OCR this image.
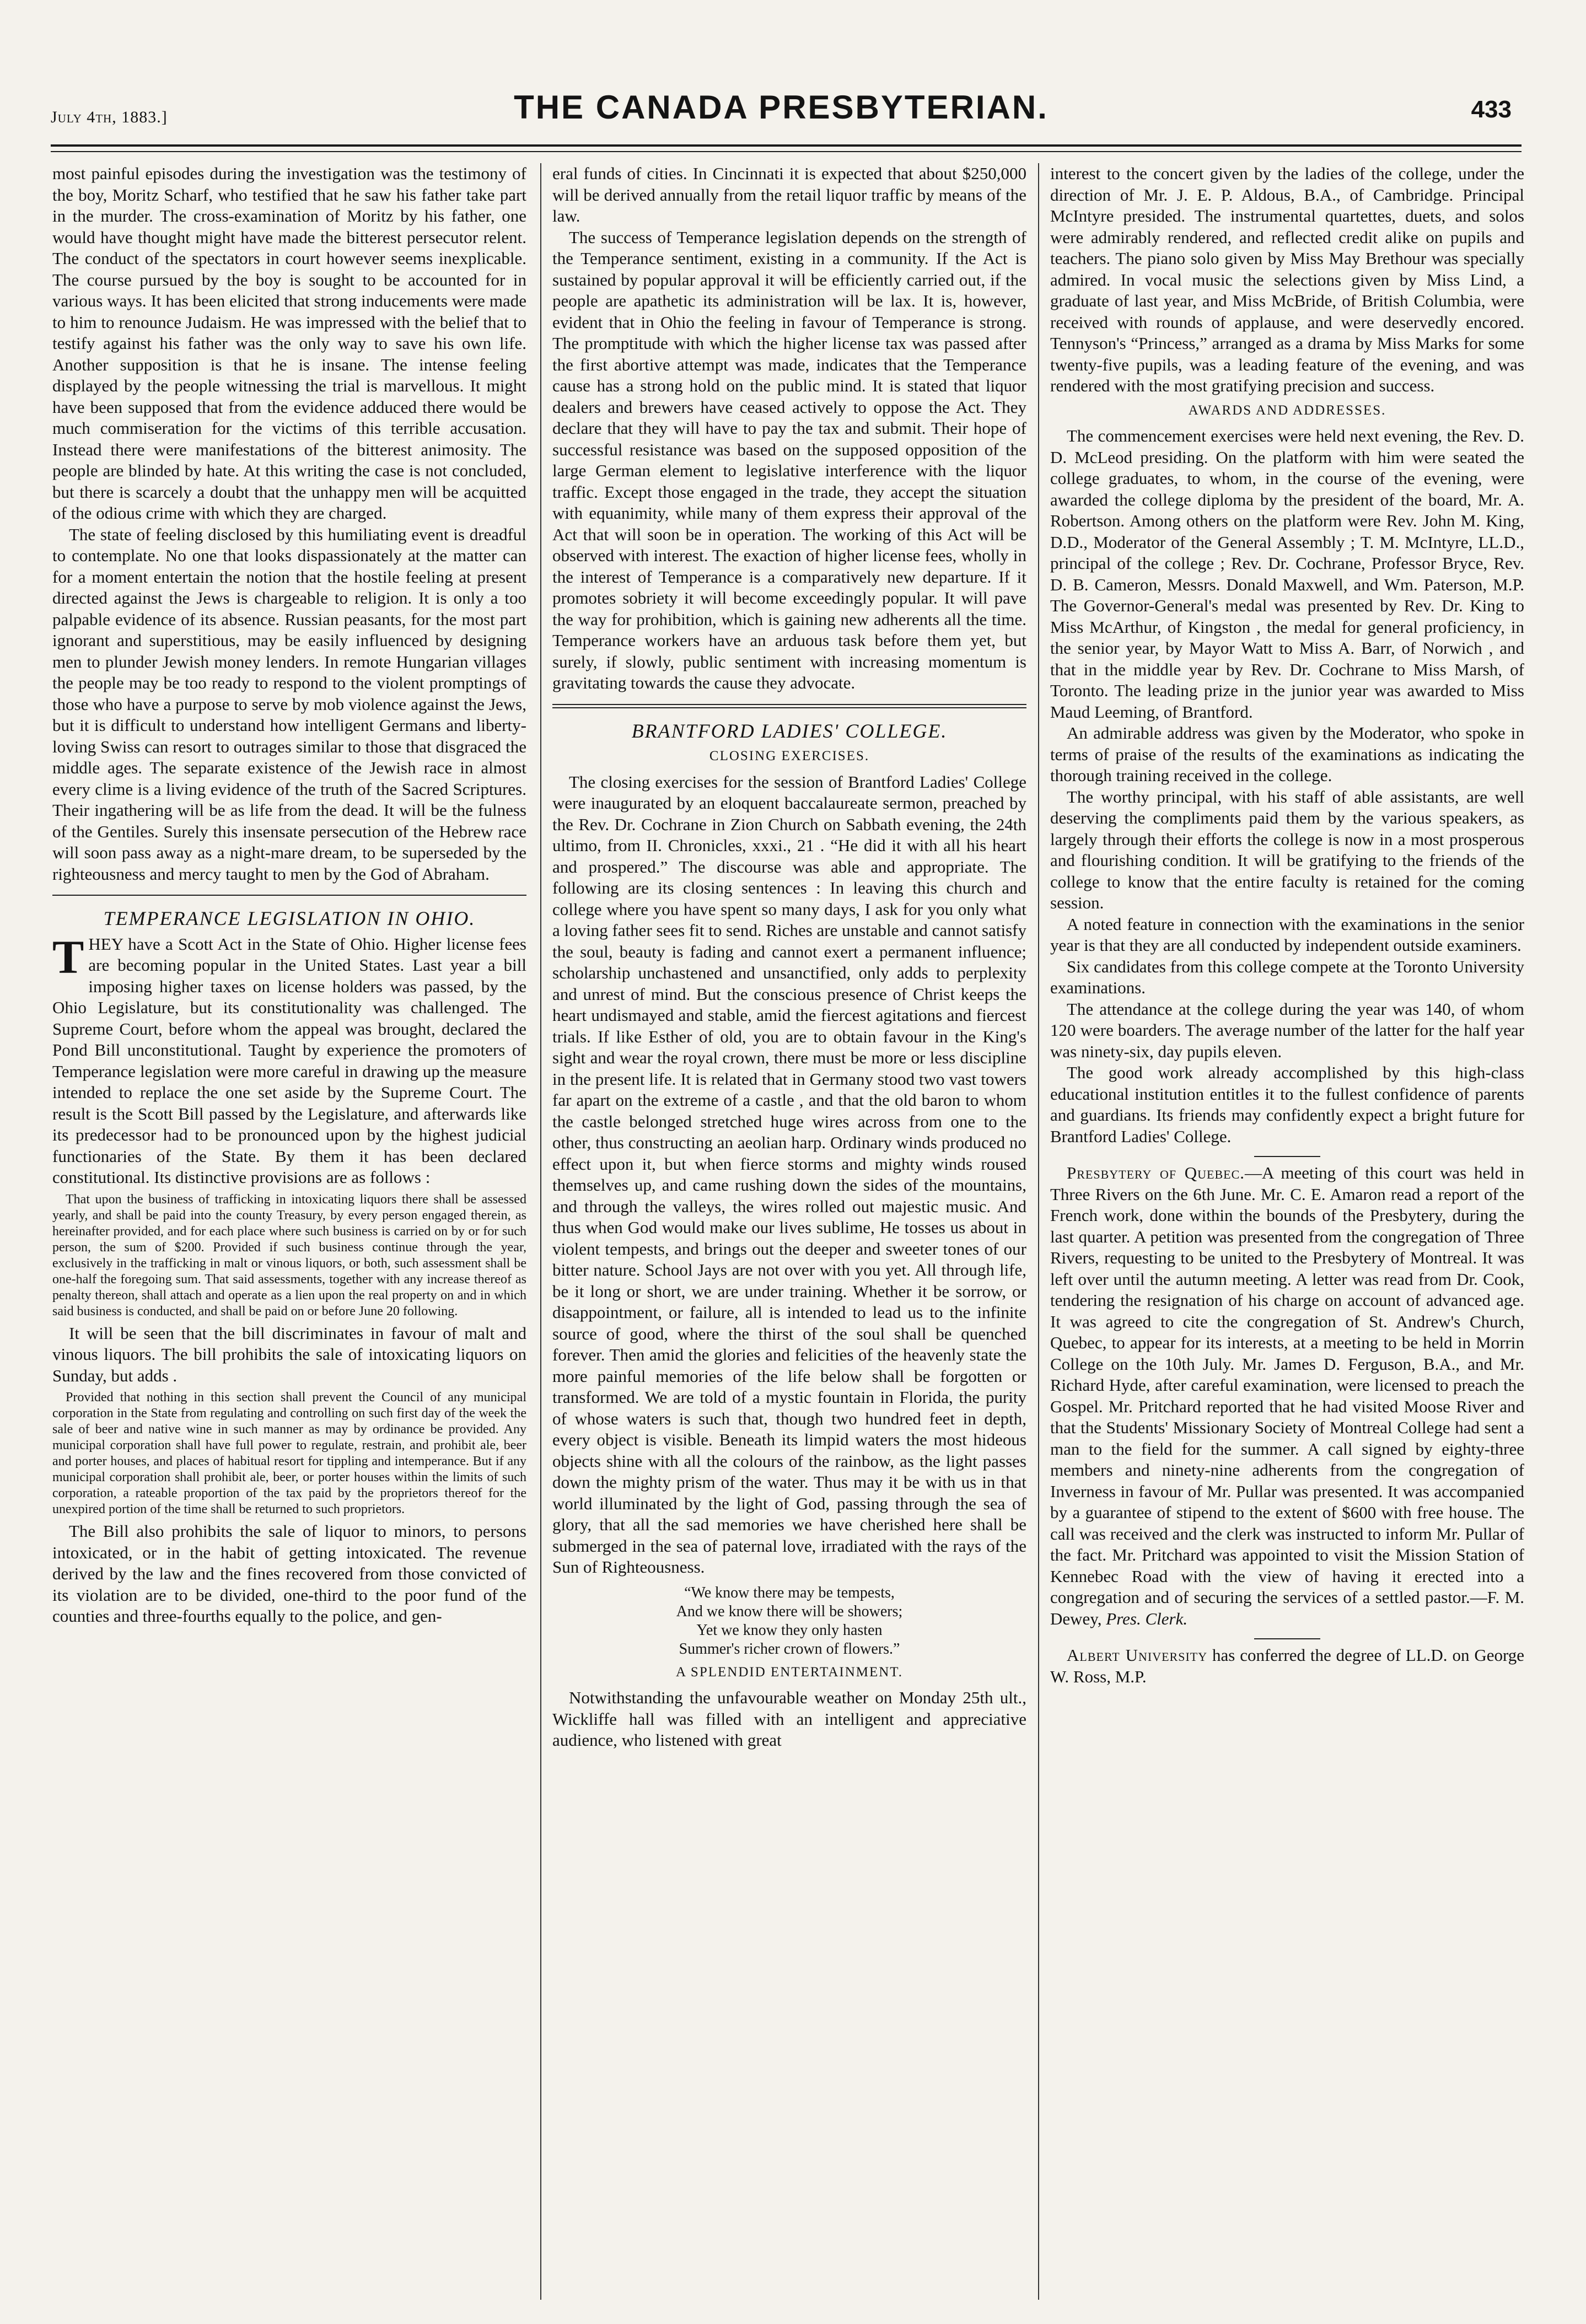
July 4th, 1883.]	THE CANADA PRESBYTERIAN.	433

most painful episodes during the investigation was the testimony of the boy, Moritz Scharf, who testified that he saw his father take part in the murder. The cross-examination of Moritz by his father, one would have thought might have made the bitterest persecutor relent. The conduct of the spectators in court however seems inexplicable. The course pursued by the boy is sought to be accounted for in various ways. It has been elicited that strong inducements were made to him to renounce Judaism. He was impressed with the belief that to testify against his father was the only way to save his own life. Another supposition is that he is insane. The intense feeling displayed by the people witnessing the trial is marvellous. It might have been supposed that from the evidence adduced there would be much commiseration for the victims of this terrible accusation. Instead there were manifestations of the bitterest animosity. The people are blinded by hate. At this writing the case is not concluded, but there is scarcely a doubt that the unhappy men will be acquitted of the odious crime with which they are charged.

The state of feeling disclosed by this humiliating event is dreadful to contemplate. No one that looks dispassionately at the matter can for a moment entertain the notion that the hostile feeling at present directed against the Jews is chargeable to religion. It is only a too palpable evidence of its absence. Russian peasants, for the most part ignorant and superstitious, may be easily influenced by designing men to plunder Jewish money lenders. In remote Hungarian villages the people may be too ready to respond to the violent promptings of those who have a purpose to serve by mob violence against the Jews, but it is difficult to understand how intelligent Germans and liberty-loving Swiss can resort to outrages similar to those that disgraced the middle ages. The separate existence of the Jewish race in almost every clime is a living evidence of the truth of the Sacred Scriptures. Their ingathering will be as life from the dead. It will be the fulness of the Gentiles. Surely this insensate persecution of the Hebrew race will soon pass away as a night-mare dream, to be superseded by the righteousness and mercy taught to men by the God of Abraham.

TEMPERANCE LEGISLATION IN OHIO.

THEY have a Scott Act in the State of Ohio. Higher license fees are becoming popular in the United States. Last year a bill imposing higher taxes on license holders was passed, by the Ohio Legislature, but its constitutionality was challenged. The Supreme Court, before whom the appeal was brought, declared the Pond Bill unconstitutional. Taught by experience the promoters of Temperance legislation were more careful in drawing up the measure intended to replace the one set aside by the Supreme Court. The result is the Scott Bill passed by the Legislature, and afterwards like its predecessor had to be pronounced upon by the highest judicial functionaries of the State. By them it has been declared constitutional. Its distinctive provisions are as follows :

That upon the business of trafficking in intoxicating liquors there shall be assessed yearly, and shall be paid into the county Treasury, by every person engaged therein, as hereinafter provided, and for each place where such business is carried on by or for such person, the sum of $200. Provided if such business continue through the year, exclusively in the trafficking in malt or vinous liquors, or both, such assessment shall be one-half the foregoing sum. That said assessments, together with any increase thereof as penalty thereon, shall attach and operate as a lien upon the real property on and in which said business is conducted, and shall be paid on or before June 20 following.

It will be seen that the bill discriminates in favour of malt and vinous liquors. The bill prohibits the sale of intoxicating liquors on Sunday, but adds .

Provided that nothing in this section shall prevent the Council of any municipal corporation in the State from regulating and controlling on such first day of the week the sale of beer and native wine in such manner as may by ordinance be provided. Any municipal corporation shall have full power to regulate, restrain, and prohibit ale, beer and porter houses, and places of habitual resort for tippling and intemperance. But if any municipal corporation shall prohibit ale, beer, or porter houses within the limits of such corporation, a rateable proportion of the tax paid by the proprietors thereof for the unexpired portion of the time shall be returned to such proprietors.

The Bill also prohibits the sale of liquor to minors, to persons intoxicated, or in the habit of getting intoxicated. The revenue derived by the law and the fines recovered from those convicted of its violation are to be divided, one-third to the poor fund of the counties and three-fourths equally to the police, and gen-

eral funds of cities. In Cincinnati it is expected that about $250,000 will be derived annually from the retail liquor traffic by means of the law.

The success of Temperance legislation depends on the strength of the Temperance sentiment, existing in a community. If the Act is sustained by popular approval it will be efficiently carried out, if the people are apathetic its administration will be lax. It is, however, evident that in Ohio the feeling in favour of Temperance is strong. The promptitude with which the higher license tax was passed after the first abortive attempt was made, indicates that the Temperance cause has a strong hold on the public mind. It is stated that liquor dealers and brewers have ceased actively to oppose the Act. They declare that they will have to pay the tax and submit. Their hope of successful resistance was based on the supposed opposition of the large German element to legislative interference with the liquor traffic. Except those engaged in the trade, they accept the situation with equanimity, while many of them express their approval of the Act that will soon be in operation. The working of this Act will be observed with interest. The exaction of higher license fees, wholly in the interest of Temperance is a comparatively new departure. If it promotes sobriety it will become exceedingly popular. It will pave the way for prohibition, which is gaining new adherents all the time. Temperance workers have an arduous task before them yet, but surely, if slowly, public sentiment with increasing momentum is gravitating towards the cause they advocate.

BRANTFORD LADIES' COLLEGE.
CLOSING EXERCISES.

The closing exercises for the session of Brantford Ladies' College were inaugurated by an eloquent baccalaureate sermon, preached by the Rev. Dr. Cochrane in Zion Church on Sabbath evening, the 24th ultimo, from II. Chronicles, xxxi., 21 . “He did it with all his heart and prospered.” The discourse was able and appropriate. The following are its closing sentences : In leaving this church and college where you have spent so many days, I ask for you only what a loving father sees fit to send. Riches are unstable and cannot satisfy the soul, beauty is fading and cannot exert a permanent influence; scholarship unchastened and unsanctified, only adds to perplexity and unrest of mind. But the conscious presence of Christ keeps the heart undismayed and stable, amid the fiercest agitations and fiercest trials. If like Esther of old, you are to obtain favour in the King's sight and wear the royal crown, there must be more or less discipline in the present life. It is related that in Germany stood two vast towers far apart on the extreme of a castle , and that the old baron to whom the castle belonged stretched huge wires across from one to the other, thus constructing an aeolian harp. Ordinary winds produced no effect upon it, but when fierce storms and mighty winds roused themselves up, and came rushing down the sides of the mountains, and through the valleys, the wires rolled out majestic music. And thus when God would make our lives sublime, He tosses us about in violent tempests, and brings out the deeper and sweeter tones of our bitter nature. School Jays are not over with you yet. All through life, be it long or short, we are under training. Whether it be sorrow, or disappointment, or failure, all is intended to lead us to the infinite source of good, where the thirst of the soul shall be quenched forever. Then amid the glories and felicities of the heavenly state the more painful memories of the life below shall be forgotten or transformed. We are told of a mystic fountain in Florida, the purity of whose waters is such that, though two hundred feet in depth, every object is visible. Beneath its limpid waters the most hideous objects shine with all the colours of the rainbow, as the light passes down the mighty prism of the water. Thus may it be with us in that world illuminated by the light of God, passing through the sea of glory, that all the sad memories we have cherished here shall be submerged in the sea of paternal love, irradiated with the rays of the Sun of Righteousness.

“We know there may be tempests,
And we know there will be showers;
Yet we know they only hasten
Summer's richer crown of flowers.”
A SPLENDID ENTERTAINMENT.

Notwithstanding the unfavourable weather on Monday 25th ult., Wickliffe hall was filled with an intelligent and appreciative audience, who listened with great

interest to the concert given by the ladies of the college, under the direction of Mr. J. E. P. Aldous, B.A., of Cambridge. Principal McIntyre presided. The instrumental quartettes, duets, and solos were admirably rendered, and reflected credit alike on pupils and teachers. The piano solo given by Miss May Brethour was specially admired. In vocal music the selections given by Miss Lind, a graduate of last year, and Miss McBride, of British Columbia, were received with rounds of applause, and were deservedly encored. Tennyson's “Princess,” arranged as a drama by Miss Marks for some twenty-five pupils, was a leading feature of the evening, and was rendered with the most gratifying precision and success.

AWARDS AND ADDRESSES.

The commencement exercises were held next evening, the Rev. D. D. McLeod presiding. On the platform with him were seated the college graduates, to whom, in the course of the evening, were awarded the college diploma by the president of the board, Mr. A. Robertson. Among others on the platform were Rev. John M. King, D.D., Moderator of the General Assembly ; T. M. McIntyre, LL.D., principal of the college ; Rev. Dr. Cochrane, Professor Bryce, Rev. D. B. Cameron, Messrs. Donald Maxwell, and Wm. Paterson, M.P. The Governor-General's medal was presented by Rev. Dr. King to Miss McArthur, of Kingston , the medal for general proficiency, in the senior year, by Mayor Watt to Miss A. Barr, of Norwich , and that in the middle year by Rev. Dr. Cochrane to Miss Marsh, of Toronto. The leading prize in the junior year was awarded to Miss Maud Leeming, of Brantford.

An admirable address was given by the Moderator, who spoke in terms of praise of the results of the examinations as indicating the thorough training received in the college.

The worthy principal, with his staff of able assistants, are well deserving the compliments paid them by the various speakers, as largely through their efforts the college is now in a most prosperous and flourishing condition. It will be gratifying to the friends of the college to know that the entire faculty is retained for the coming session.

A noted feature in connection with the examinations in the senior year is that they are all conducted by independent outside examiners.

Six candidates from this college compete at the Toronto University examinations.

The attendance at the college during the year was 140, of whom 120 were boarders. The average number of the latter for the half year was ninety-six, day pupils eleven.

The good work already accomplished by this high-class educational institution entitles it to the fullest confidence of parents and guardians. Its friends may confidently expect a bright future for Brantford Ladies' College.

Presbytery of Quebec.—A meeting of this court was held in Three Rivers on the 6th June. Mr. C. E. Amaron read a report of the French work, done within the bounds of the Presbytery, during the last quarter. A petition was presented from the congregation of Three Rivers, requesting to be united to the Presbytery of Montreal. It was left over until the autumn meeting. A letter was read from Dr. Cook, tendering the resignation of his charge on account of advanced age. It was agreed to cite the congregation of St. Andrew's Church, Quebec, to appear for its interests, at a meeting to be held in Morrin College on the 10th July. Mr. James D. Ferguson, B.A., and Mr. Richard Hyde, after careful examination, were licensed to preach the Gospel. Mr. Pritchard reported that he had visited Moose River and that the Students' Missionary Society of Montreal College had sent a man to the field for the summer. A call signed by eighty-three members and ninety-nine adherents from the congregation of Inverness in favour of Mr. Pullar was presented. It was accompanied by a guarantee of stipend to the extent of $600 with free house. The call was received and the clerk was instructed to inform Mr. Pullar of the fact. Mr. Pritchard was appointed to visit the Mission Station of Kennebec Road with the view of having it erected into a congregation and of securing the services of a settled pastor.—F. M. Dewey, Pres. Clerk.

Albert University has conferred the degree of LL.D. on George W. Ross, M.P.
